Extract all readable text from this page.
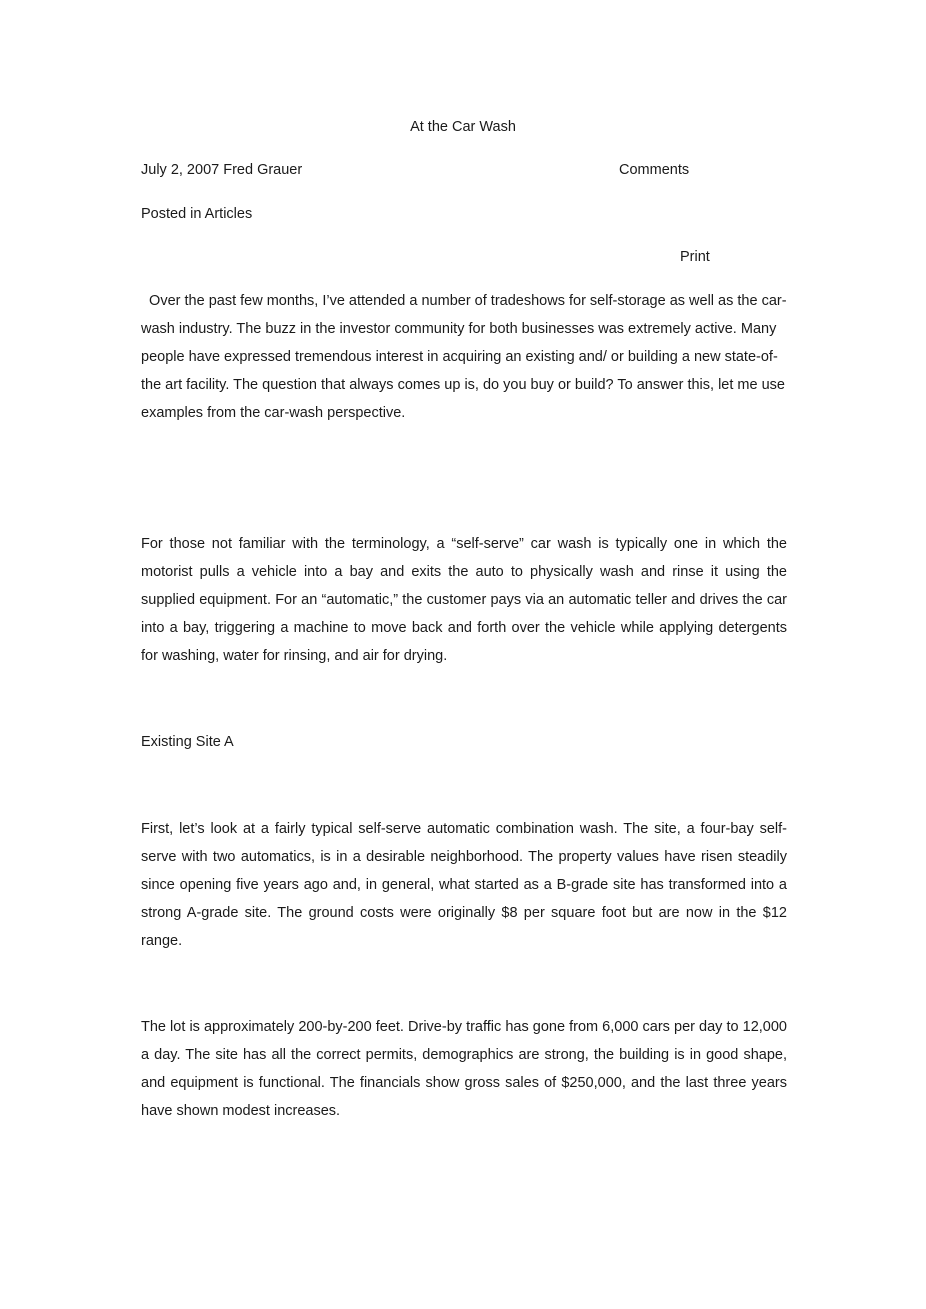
At the Car Wash
July 2, 2007 Fred Grauer	Comments
Posted in Articles
Print
Over the past few months, I’ve attended a number of tradeshows for self-storage as well as the car-wash industry. The buzz in the investor community for both businesses was extremely active. Many people have expressed tremendous interest in acquiring an existing and/ or building a new state-of-the art facility. The question that always comes up is, do you buy or build? To answer this, let me use examples from the car-wash perspective.
For those not familiar with the terminology, a “self-serve” car wash is typically one in which the motorist pulls a vehicle into a bay and exits the auto to physically wash and rinse it using the supplied equipment. For an “automatic,” the customer pays via an automatic teller and drives the car into a bay, triggering a machine to move back and forth over the vehicle while applying detergents for washing, water for rinsing, and air for drying.
Existing Site A
First, let’s look at a fairly typical self-serve automatic combination wash. The site, a four-bay self-serve with two automatics, is in a desirable neighborhood. The property values have risen steadily since opening five years ago and, in general, what started as a B-grade site has transformed into a strong A-grade site. The ground costs were originally $8 per square foot but are now in the $12 range.
The lot is approximately 200-by-200 feet. Drive-by traffic has gone from 6,000 cars per day to 12,000 a day. The site has all the correct permits, demographics are strong, the building is in good shape, and equipment is functional. The financials show gross sales of $250,000, and the last three years have shown modest increases.
